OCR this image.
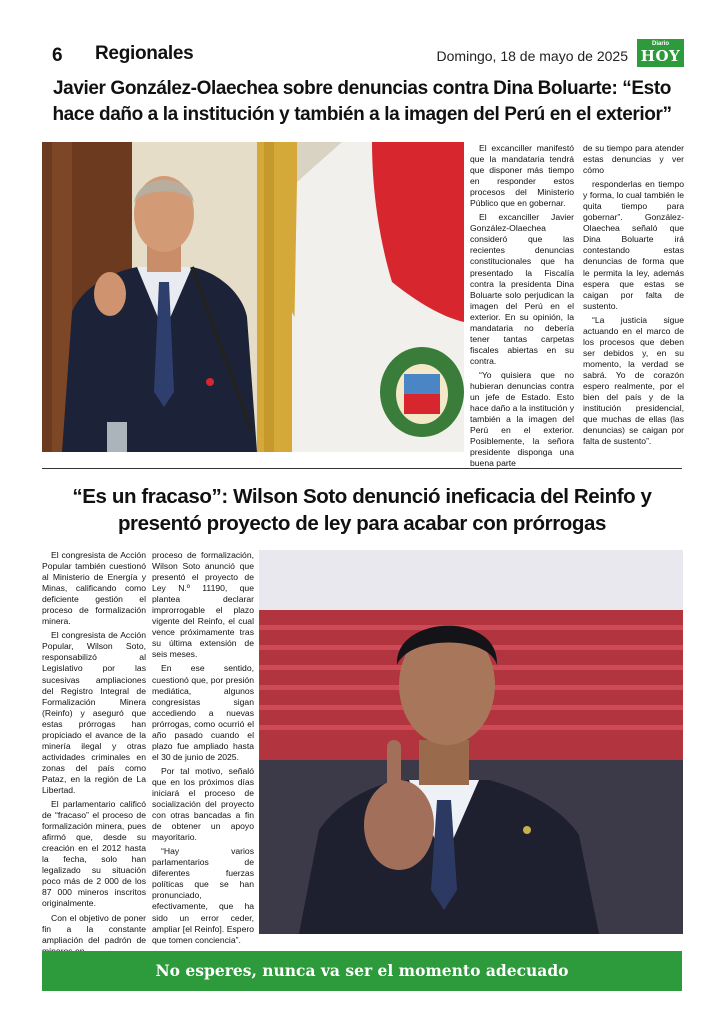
6 Regionales	Domingo, 18 de mayo de 2025
Diario
HOY
Javier González-Olaechea sobre denuncias contra Dina Boluarte: “Esto hace daño a la institución y también a la imagen del Perú en el exterior”

El excanciller manifestó que la mandataria tendrá que disponer más tiempo en responder estos procesos del Ministerio Público que en gobernar.

El excanciller Javier González-Olaechea consideró que las recientes denuncias constitucionales que ha presentado la Fiscalía contra la presidenta Dina Boluarte solo perjudican la imagen del Perú en el exterior. En su opinión, la mandataria no debería tener tantas carpetas fiscales abiertas en su contra.

“Yo quisiera que no hubieran denuncias contra un jefe de Estado. Esto hace daño a la institución y también a la imagen del Perú en el exterior. Posiblemente, la señora presidente disponga una buena parte

de su tiempo para atender estas denuncias y ver cómo

responderlas en tiempo y forma, lo cual también le quita tiempo para gobernar”. González-Olaechea señaló que Dina Boluarte irá contestando estas denuncias de forma que le permita la ley, además espera que estas se caigan por falta de sustento.

“La justicia sigue actuando en el marco de los procesos que deben ser debidos y, en su momento, la verdad se sabrá. Yo de corazón espero realmente, por el bien del país y de la institución presidencial, que muchas de ellas (las denuncias) se caigan por falta de sustento”.

“Es un fracaso”: Wilson Soto denunció ineficacia del Reinfo y presentó proyecto de ley para acabar con prórrogas

El congresista de Acción Popular también cuestionó al Ministerio de Energía y Minas, calificando como deficiente gestión el proceso de formalización minera.

El congresista de Acción Popular, Wilson Soto, responsabilizó al Legislativo por las sucesivas ampliaciones del Registro Integral de Formalización Minera (Reinfo) y aseguró que estas prórrogas han propiciado el avance de la minería ilegal y otras actividades criminales en zonas del país como Pataz, en la región de La Libertad.

El parlamentario calificó de “fracaso” el proceso de formalización minera, pues afirmó que, desde su creación en el 2012 hasta la fecha, solo han legalizado su situación poco más de 2 000 de los 87 000 mineros inscritos originalmente.

Con el objetivo de poner fin a la constante ampliación del padrón de

proceso de formalización, Wilson Soto anunció que presentó el proyecto de Ley N.º 11190, que plantea declarar improrrogable el plazo vigente del Reinfo, el cual vence próximamente tras su última extensión de seis meses.

En ese sentido, cuestionó que, por presión mediática, algunos congresistas sigan accediendo a nuevas prórrogas, como ocurrió el año pasado cuando el plazo fue ampliado hasta el 30 de junio de 2025.

Por tal motivo, señaló que en los próximos días iniciará el proceso de socialización del proyecto con otras bancadas a fin de obtener un apoyo mayoritario.

“Hay varios parlamentarios de diferentes fuerzas políticas que se han pronunciado, efectivamente, que ha sido un error ceder, ampliar [el Reinfo]. Espero que tomen conciencia”.

No esperes, nunca va ser el momento adecuado
